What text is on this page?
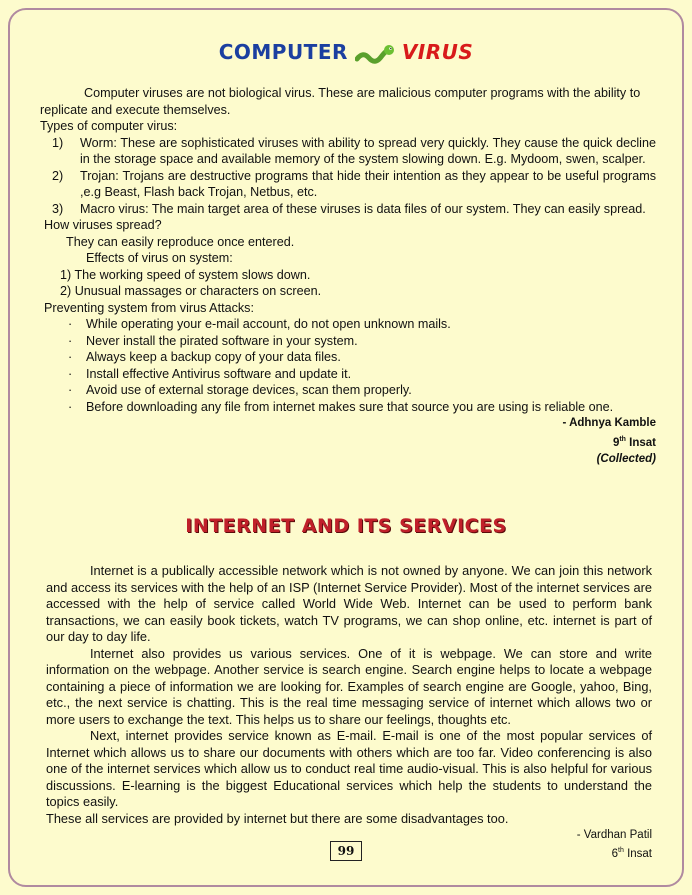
COMPUTER	VIRUS

Computer viruses are not biological virus. These are malicious computer programs with the ability to replicate and execute themselves.

Types of computer virus:

1)	Worm: These are sophisticated viruses with ability to spread very quickly. They cause the quick decline in the storage space and available memory of the system slowing down. E.g. Mydoom, swen, scalper.
2)	Trojan: Trojans are destructive programs that hide their intention as they appear to be useful programs ,e.g Beast, Flash back Trojan, Netbus, etc.
3)	Macro virus: The main target area of these viruses is data files of our system. They can easily spread.

How viruses spread?

They can easily reproduce once entered.

Effects of virus on system:

1) The working speed of system slows down.

2) Unusual massages or characters on screen.

Preventing system from virus Attacks:

·	While operating your e-mail account, do not open unknown mails.
·	Never install the pirated software in your system.
·	Always keep a backup copy of your data files.
·	Install effective Antivirus software and update it.
·	Avoid use of external storage devices, scan them properly.
·	Before downloading any file from internet makes sure that source you are using is reliable one.
- Adhnya Kamble
9th Insat
(Collected)
INTERNET AND ITS SERVICES

Internet is a publically accessible network which is not owned by anyone. We can join this network and access its services with the help of an ISP (Internet Service Provider). Most of the internet services are accessed with the help of service called World Wide Web. Internet can be used to perform bank transactions, we can easily book tickets, watch TV programs, we can shop online, etc. internet is part of our day to day life.

Internet also provides us various services. One of it is webpage. We can store and write information on the webpage. Another service is search engine. Search engine helps to locate a webpage containing a piece of information we are looking for. Examples of search engine are Google, yahoo, Bing, etc., the next service is chatting. This is the real time messaging service of internet which allows two or more users to exchange the text. This helps us to share our feelings, thoughts etc.

Next, internet provides service known as E-mail. E-mail is one of the most popular services of Internet which allows us to share our documents with others which are too far. Video conferencing is also one of the internet services which allow us to conduct real time audio-visual. This is also helpful for various discussions. E-learning is the biggest Educational services which help the students to understand the topics easily.

These all services are provided by internet but there are some disadvantages too.

- Vardhan Patil
6th Insat
99
